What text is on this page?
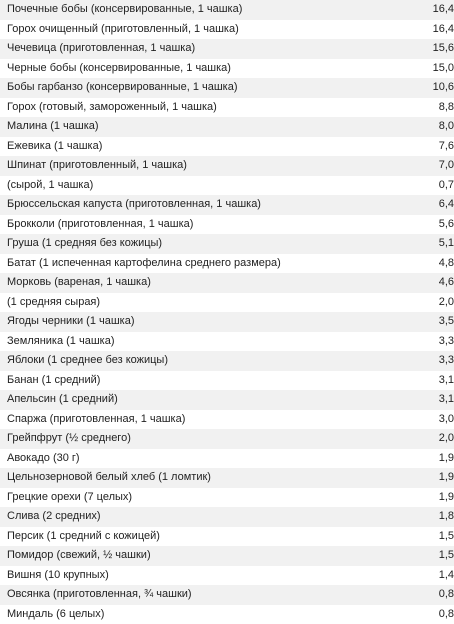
Почечные бобы (консервированные, 1 чашка)	16,4
Горох очищенный (приготовленный, 1 чашка)	16,4
Чечевица (приготовленная, 1 чашка)	15,6
Черные бобы (консервированные, 1 чашка)	15,0
Бобы гарбанзо (консервированные, 1 чашка)	10,6
Горох (готовый, замороженный, 1 чашка)	8,8
Малина (1 чашка)	8,0
Ежевика (1 чашка)	7,6
Шпинат (приготовленный, 1 чашка)	7,0
(сырой, 1 чашка)	0,7
Брюссельская капуста (приготовленная, 1 чашка)	6,4
Брокколи (приготовленная, 1 чашка)	5,6
Груша (1 средняя без кожицы)	5,1
Батат (1 испеченная картофелина среднего размера)	4,8
Морковь (вареная, 1 чашка)	4,6
(1 средняя сырая)	2,0
Ягоды черники (1 чашка)	3,5
Земляника (1 чашка)	3,3
Яблоки (1 среднее без кожицы)	3,3
Банан (1 средний)	3,1
Апельсин (1 средний)	3,1
Спаржа (приготовленная, 1 чашка)	3,0
Грейпфрут (½ среднего)	2,0
Авокадо (30 г)	1,9
Цельнозерновой белый хлеб (1 ломтик)	1,9
Грецкие орехи (7 целых)	1,9
Слива (2 средних)	1,8
Персик (1 средний с кожицей)	1,5
Помидор (свежий, ½ чашки)	1,5
Вишня (10 крупных)	1,4
Овсянка (приготовленная, ¾ чашки)	0,8
Миндаль (6 целых)	0,8
